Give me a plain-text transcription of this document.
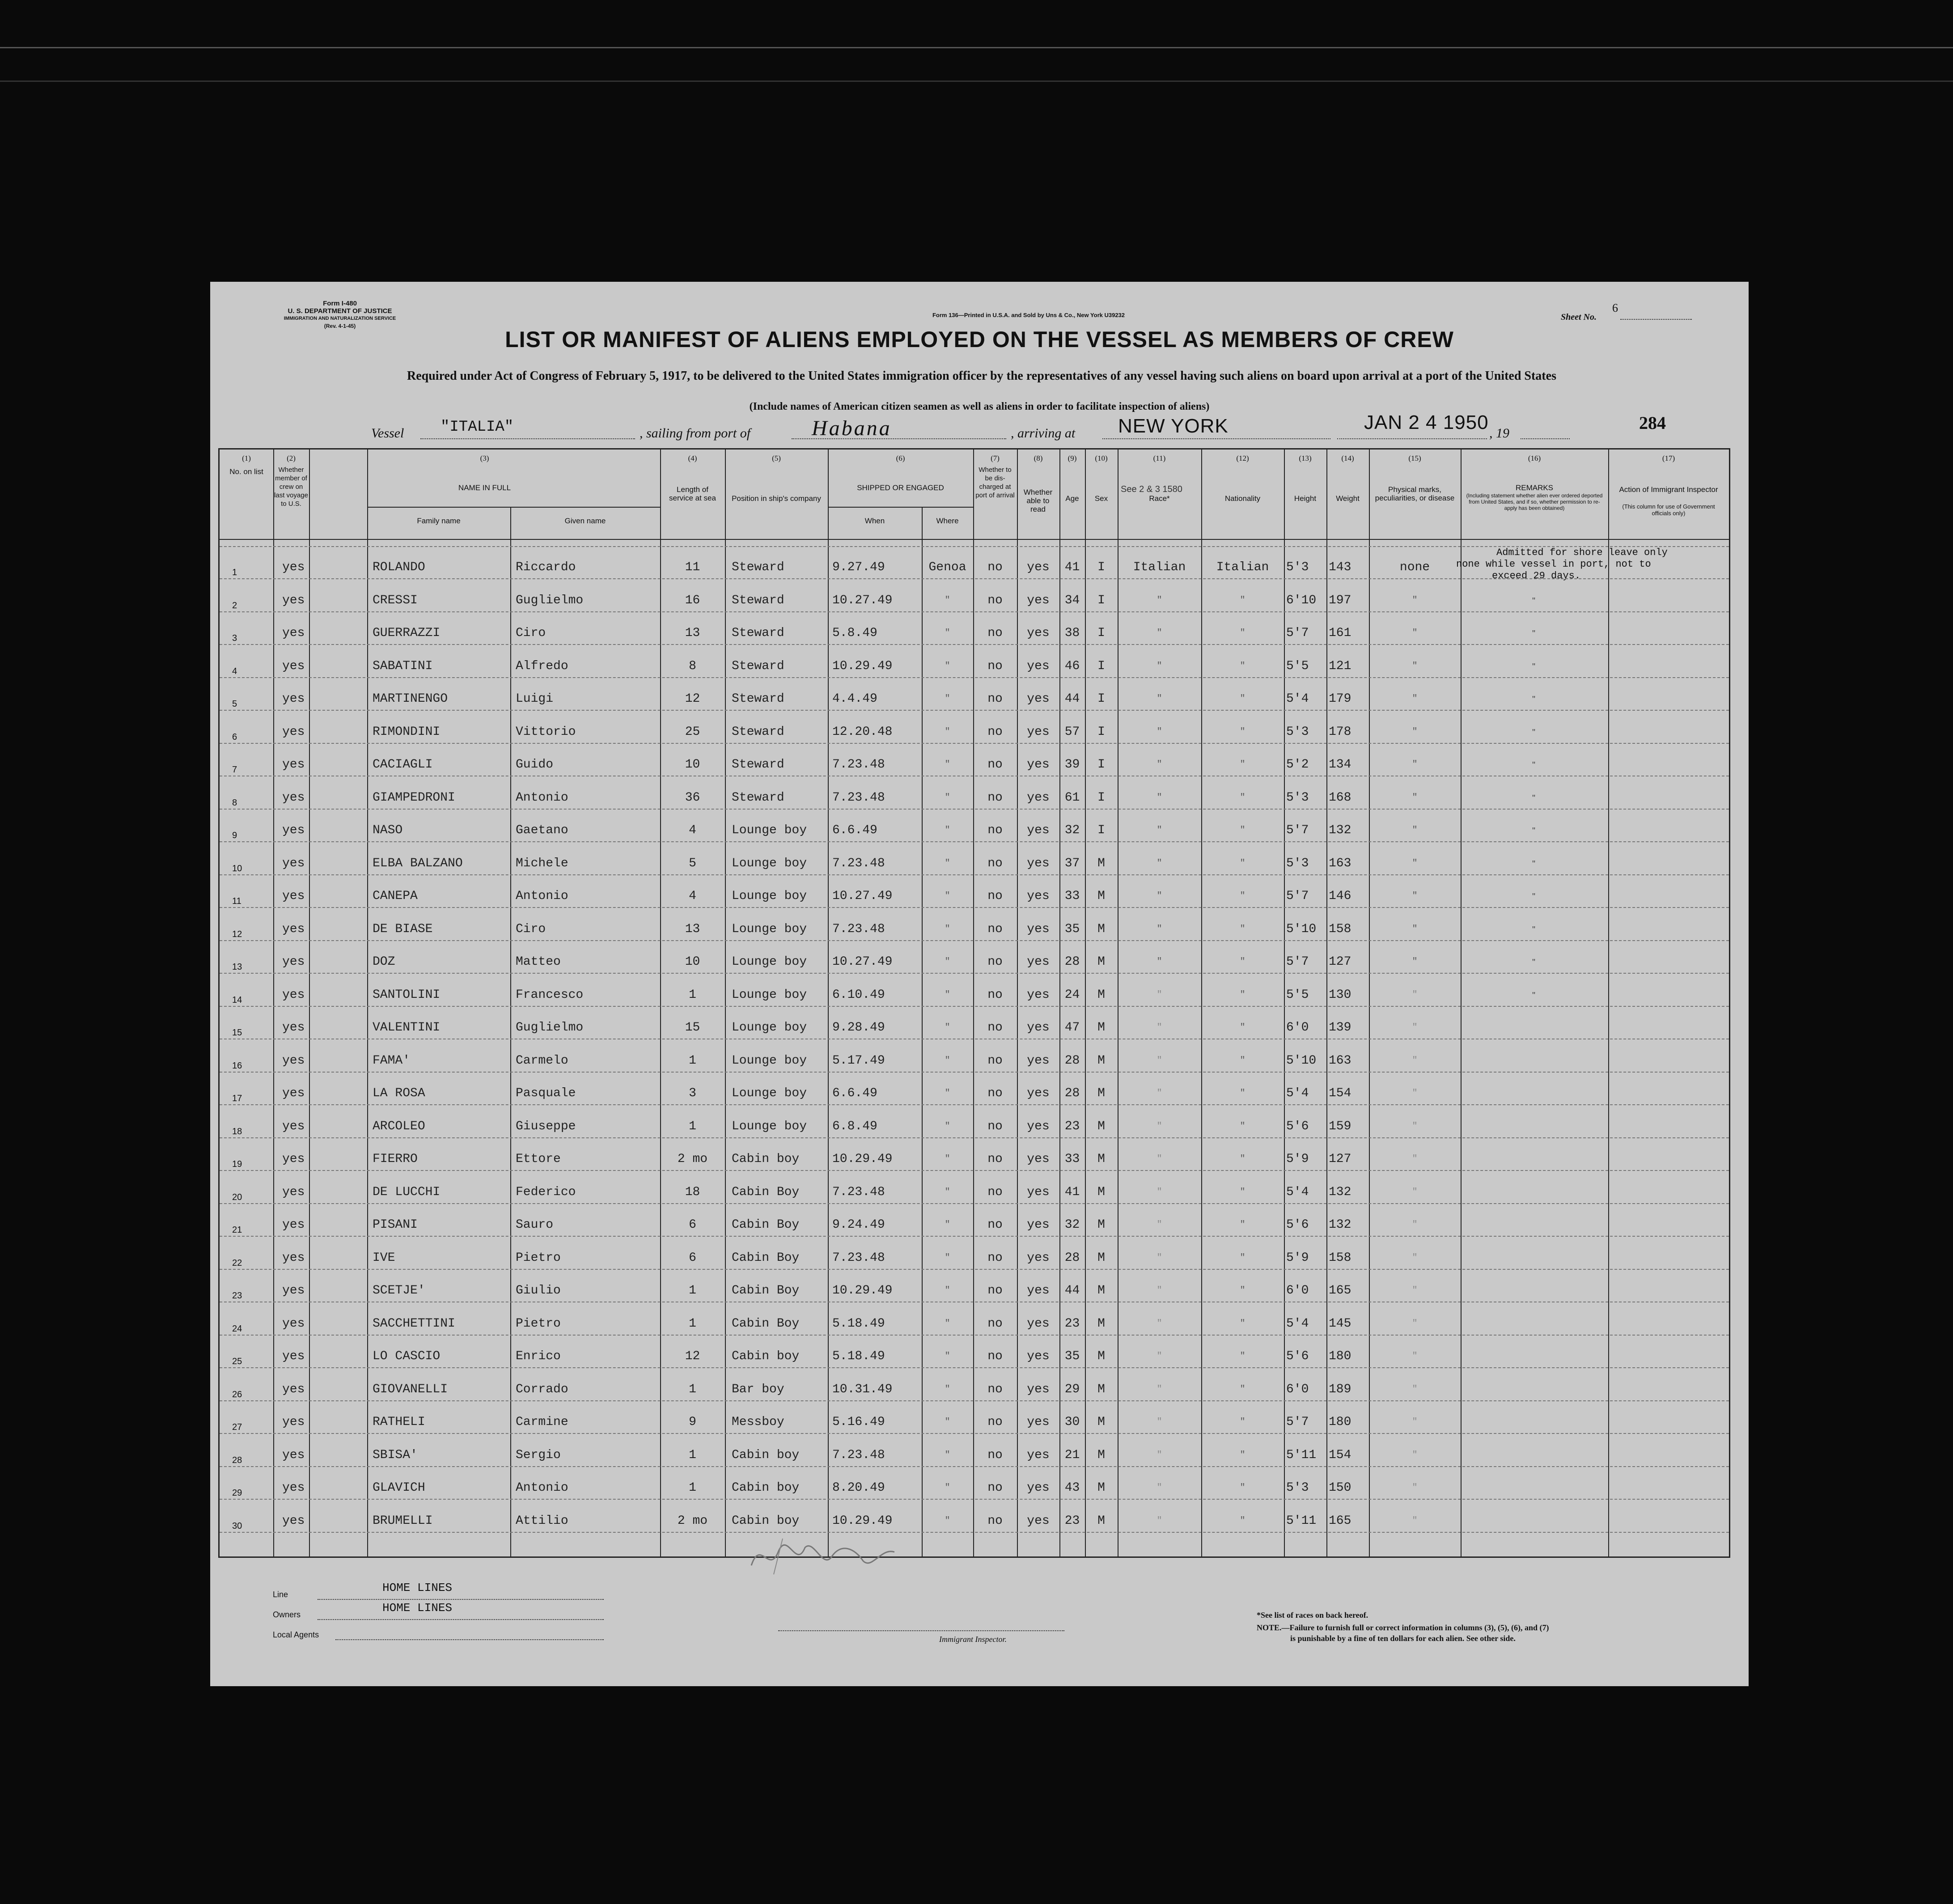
Form I-480
U. S. DEPARTMENT OF JUSTICE
IMMIGRATION AND NATURALIZATION SERVICE
(Rev. 4-1-45)
Form 136—Printed in U.S.A. and Sold by Uns & Co., New York U39232	Sheet No. 6
LIST OR MANIFEST OF ALIENS EMPLOYED ON THE VESSEL AS MEMBERS OF CREW
Required under Act of Congress of February 5, 1917, to be delivered to the United States immigration officer by the representatives of any vessel having such aliens on board upon arrival at a port of the United States
(Include names of American citizen seamen as well as aliens in order to facilitate inspection of aliens)
Vessel "ITALIA"	, sailing from port of	Habana	, arriving at NEW YORK	JAN 2 4 1950 , 19
284
(1)	(2)	(3)	(4)	(5)	(6)	(7)	(8)	(9)	(10)	(11)	(12)	(13)	(14)	(15)	(16)	(17)
No. on list	Whether member of crew on last voyage to U.S.
NAME IN FULL
Family name	Given name
Length of service at sea Position in ship's company
SHIPPED OR ENGAGED
When	Where
Whether to be dis-charged at port of arrival	Whether able to read
Age	Sex	Race*
See 2 & 3 1580
Nationality	Height	Weight
Physical marks, peculiarities, or disease
REMARKS
(Including statement whether alien ever ordered deported from United States, and if so, whether permission to re-apply has been obtained)
Action of Immigrant Inspector
(This column for use of Government officials only)
Admitted for shore leave only
none while vessel in port, not to
exceed 29 days.
1	yes	ROLANDO	Riccardo	11	Steward	9.27.49	Genoa	no	yes	41	I	Italian	Italian	5'3 143	none
2	yes	CRESSI	Guglielmo	16	Steward	10.27.49	"	no	yes	34	I	"	"	6'10 197	"
3	yes	GUERRAZZI	Ciro	13	Steward	5.8.49	"	no	yes	38	I	"	"	5'7 161	"
4	yes	SABATINI	Alfredo	8	Steward	10.29.49	"	no	yes	46	I	"	"	5'5 121	"
5	yes	MARTINENGO	Luigi	12	Steward	4.4.49	"	no	yes	44	I	"	"	5'4 179	"
6	yes	RIMONDINI	Vittorio	25	Steward	12.20.48	"	no	yes	57	I	"	"	5'3 178	"
7	yes	CACIAGLI	Guido	10	Steward	7.23.48	"	no	yes	39	I	"	"	5'2 134	"
8	yes	GIAMPEDRONI	Antonio	36	Steward	7.23.48	"	no	yes	61	I	"	"	5'3 168	"
9	yes	NASO	Gaetano	4	Lounge boy 6.6.49	"	no	yes	32	I	"	"	5'7 132	"
10	yes	ELBA BALZANO	Michele	5	Lounge boy 7.23.48	"	no	yes	37	M	"	"	5'3 163	"
11	yes	CANEPA	Antonio	4	Lounge boy 10.27.49	"	no	yes	33	M	"	"	5'7 146	"
12	yes	DE BIASE	Ciro	13	Lounge boy 7.23.48	"	no	yes	35	M	"	"	5'10 158	"
13	yes	DOZ	Matteo	10	Lounge boy 10.27.49	"	no	yes	28	M	"	"	5'7 127	"
14	yes	SANTOLINI	Francesco	1	Lounge boy 6.10.49	"	no	yes	24	M	"	"	5'5 130	"
15	yes	VALENTINI	Guglielmo	15	Lounge boy 9.28.49	"	no	yes	47	M	"	"	6'0 139	"
16	yes	FAMA'	Carmelo	1	Lounge boy 5.17.49	"	no	yes	28	M	"	"	5'10 163	"
17	yes	LA ROSA	Pasquale	3	Lounge boy 6.6.49	"	no	yes	28	M	"	"	5'4 154	"
18	yes	ARCOLEO	Giuseppe	1	Lounge boy 6.8.49	"	no	yes	23	M	"	"	5'6 159	"
19	yes	FIERRO	Ettore	2 mo	Cabin boy	10.29.49	"	no	yes	33	M	"	"	5'9 127	"
20	yes	DE LUCCHI	Federico	18	Cabin Boy	7.23.48	"	no	yes	41	M	"	"	5'4 132	"
21	yes	PISANI	Sauro	6	Cabin Boy	9.24.49	"	no	yes	32	M	"	"	5'6 132	"
22	yes	IVE	Pietro	6	Cabin Boy	7.23.48	"	no	yes	28	M	"	"	5'9 158	"
23	yes	SCETJE'	Giulio	1	Cabin Boy	10.29.49	"	no	yes	44	M	"	"	6'0 165	"
24	yes	SACCHETTINI	Pietro	1	Cabin Boy	5.18.49	"	no	yes	23	M	"	"	5'4 145	"
25	yes	LO CASCIO	Enrico	12	Cabin boy	5.18.49	"	no	yes	35	M	"	"	5'6 180	"
26	yes	GIOVANELLI	Corrado	1	Bar boy	10.31.49	"	no	yes	29	M	"	"	6'0 189	"
27	yes	RATHELI	Carmine	9	Messboy	5.16.49	"	no	yes	30	M	"	"	5'7 180	"
28	yes	SBISA'	Sergio	1	Cabin boy	7.23.48	"	no	yes	21	M	"	"	5'11 154	"
29	yes	GLAVICH	Antonio	1	Cabin boy	8.20.49	"	no	yes	43	M	"	"	5'3 150	"
30	yes	BRUMELLI	Attilio	2 mo	Cabin boy	10.29.49	"	no	yes	23	M	"	"	5'11 165	"
"
"
"
"
"
"
"
"
"
"
"
"
"
Line	HOME LINES
Owners	HOME LINES
Local Agents	Immigrant Inspector.
*See list of races on back hereof.
NOTE.—Failure to furnish full or correct information in columns (3), (5), (6), and (7)
is punishable by a fine of ten dollars for each alien. See other side.
